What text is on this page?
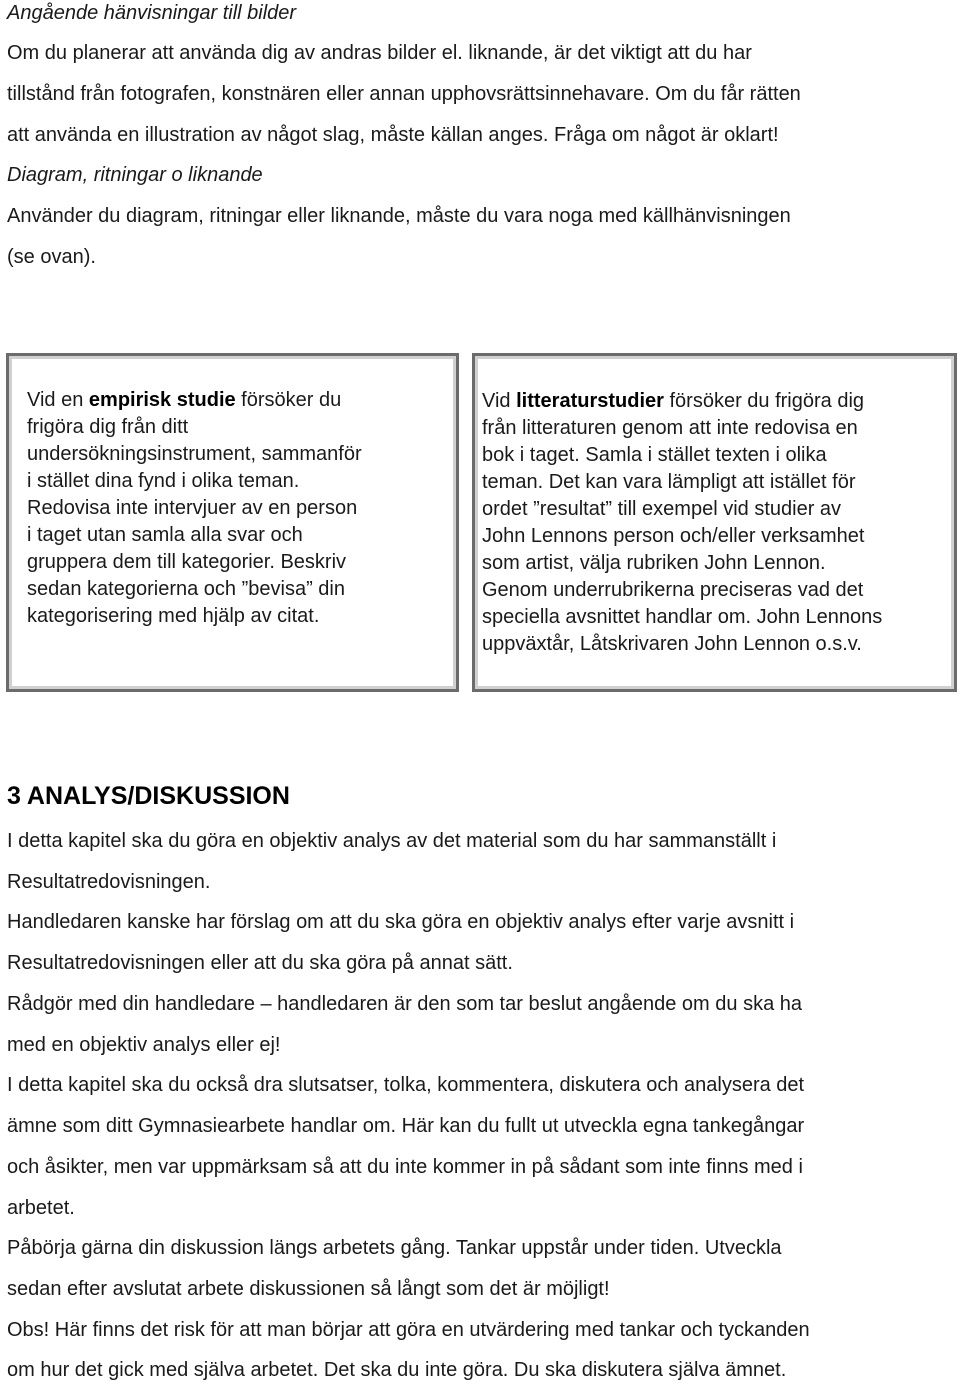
Angående hänvisningar till bilder
Om du planerar att använda dig av andras bilder el. liknande, är det viktigt att du har
tillstånd från fotografen, konstnären eller annan upphovsrättsinnehavare. Om du får rätten
att använda en illustration av något slag, måste källan anges. Fråga om något är oklart!
Diagram, ritningar o liknande
Använder du diagram, ritningar eller liknande, måste du vara noga med källhänvisningen
(se ovan).
Vid en empirisk studie försöker du
frigöra dig från ditt
undersökningsinstrument, sammanför
i stället dina fynd i olika teman.
Redovisa inte intervjuer av en person
i taget utan samla alla svar och
gruppera dem till kategorier. Beskriv
sedan kategorierna och ”bevisa” din
kategorisering med hjälp av citat.
Vid litteraturstudier försöker du frigöra dig
från litteraturen genom att inte redovisa en
bok i taget. Samla i stället texten i olika
teman. Det kan vara lämpligt att istället för
ordet ”resultat” till exempel vid studier av
John Lennons person och/eller verksamhet
som artist, välja rubriken John Lennon.
Genom underrubrikerna preciseras vad det
speciella avsnittet handlar om. John Lennons
uppväxtår, Låtskrivaren John Lennon o.s.v.
3 ANALYS/DISKUSSION
I detta kapitel ska du göra en objektiv analys av det material som du har sammanställt i
Resultatredovisningen.
Handledaren kanske har förslag om att du ska göra en objektiv analys efter varje avsnitt i
Resultatredovisningen eller att du ska göra på annat sätt.
Rådgör med din handledare – handledaren är den som tar beslut angående om du ska ha
med en objektiv analys eller ej!
I detta kapitel ska du också dra slutsatser, tolka, kommentera, diskutera och analysera det
ämne som ditt Gymnasiearbete handlar om. Här kan du fullt ut utveckla egna tankegångar
och åsikter, men var uppmärksam så att du inte kommer in på sådant som inte finns med i
arbetet.
Påbörja gärna din diskussion längs arbetets gång. Tankar uppstår under tiden. Utveckla
sedan efter avslutat arbete diskussionen så långt som det är möjligt!
Obs! Här finns det risk för att man börjar att göra en utvärdering med tankar och tyckanden
om hur det gick med själva arbetet. Det ska du inte göra. Du ska diskutera själva ämnet.
